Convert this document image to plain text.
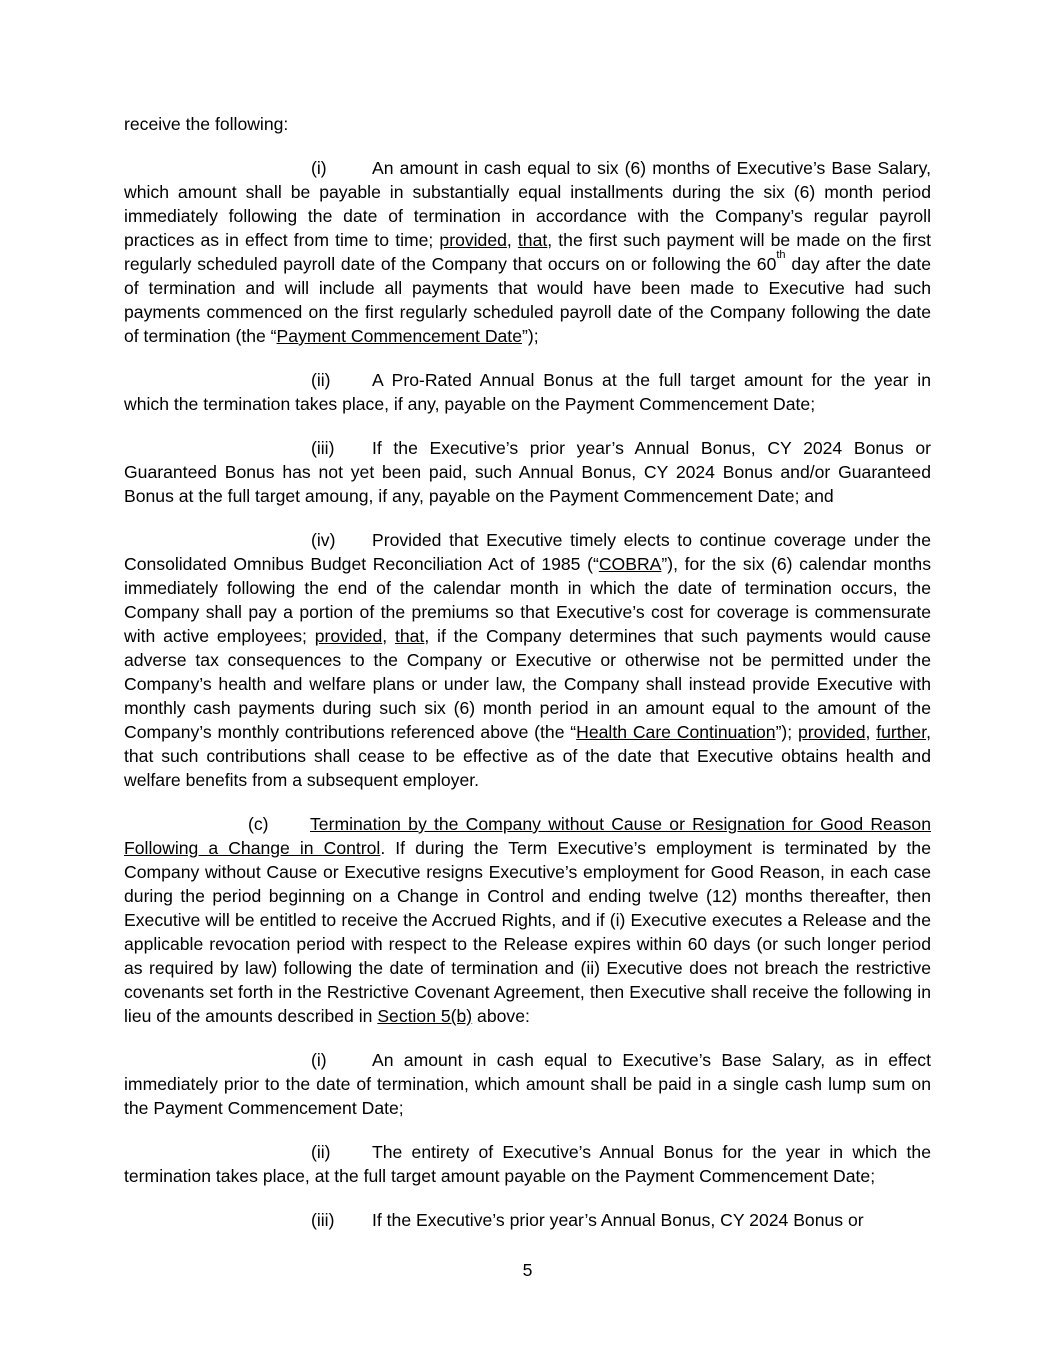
receive the following:

(i)	An amount in cash equal to six (6) months of Executive’s Base Salary, which amount shall be payable in substantially equal installments during the six (6) month period immediately following the date of termination in accordance with the Company’s regular payroll practices as in effect from time to time; provided, that, the first such payment will be made on the first regularly scheduled payroll date of the Company that occurs on or following the 60th day after the date of termination and will include all payments that would have been made to Executive had such payments commenced on the first regularly scheduled payroll date of the Company following the date of termination (the “Payment Commencement Date”);

(ii) A Pro-Rated Annual Bonus at the full target amount for the year in which the termination takes place, if any, payable on the Payment Commencement Date;

(iii) If the Executive’s prior year’s Annual Bonus, CY 2024 Bonus or Guaranteed Bonus has not yet been paid, such Annual Bonus, CY 2024 Bonus and/or Guaranteed Bonus at the full target amoung, if any, payable on the Payment Commencement Date; and

(iv) Provided that Executive timely elects to continue coverage under the Consolidated Omnibus Budget Reconciliation Act of 1985 (“COBRA”), for the six (6) calendar months immediately following the end of the calendar month in which the date of termination occurs, the Company shall pay a portion of the premiums so that Executive’s cost for coverage is commensurate with active employees; provided, that, if the Company determines that such payments would cause adverse tax consequences to the Company or Executive or otherwise not be permitted under the Company’s health and welfare plans or under law, the Company shall instead provide Executive with monthly cash payments during such six (6) month period in an amount equal to the amount of the Company’s monthly contributions referenced above (the “Health Care Continuation”); provided, further, that such contributions shall cease to be effective as of the date that Executive obtains health and welfare benefits from a subsequent employer.

(c) Termination by the Company without Cause or Resignation for Good Reason Following a Change in Control. If during the Term Executive’s employment is terminated by the Company without Cause or Executive resigns Executive’s employment for Good Reason, in each case during the period beginning on a Change in Control and ending twelve (12) months thereafter, then Executive will be entitled to receive the Accrued Rights, and if (i) Executive executes a Release and the applicable revocation period with respect to the Release expires within 60 days (or such longer period as required by law) following the date of termination and (ii) Executive does not breach the restrictive covenants set forth in the Restrictive Covenant Agreement, then Executive shall receive the following in lieu of the amounts described in Section 5(b) above:

(i)	An amount in cash equal to Executive’s Base Salary, as in effect immediately prior to the date of termination, which amount shall be paid in a single cash lump sum on the Payment Commencement Date;

(ii) The entirety of Executive’s Annual Bonus for the year in which the termination takes place, at the full target amount payable on the Payment Commencement Date;

(iii) If the Executive’s prior year’s Annual Bonus, CY 2024 Bonus or

5
